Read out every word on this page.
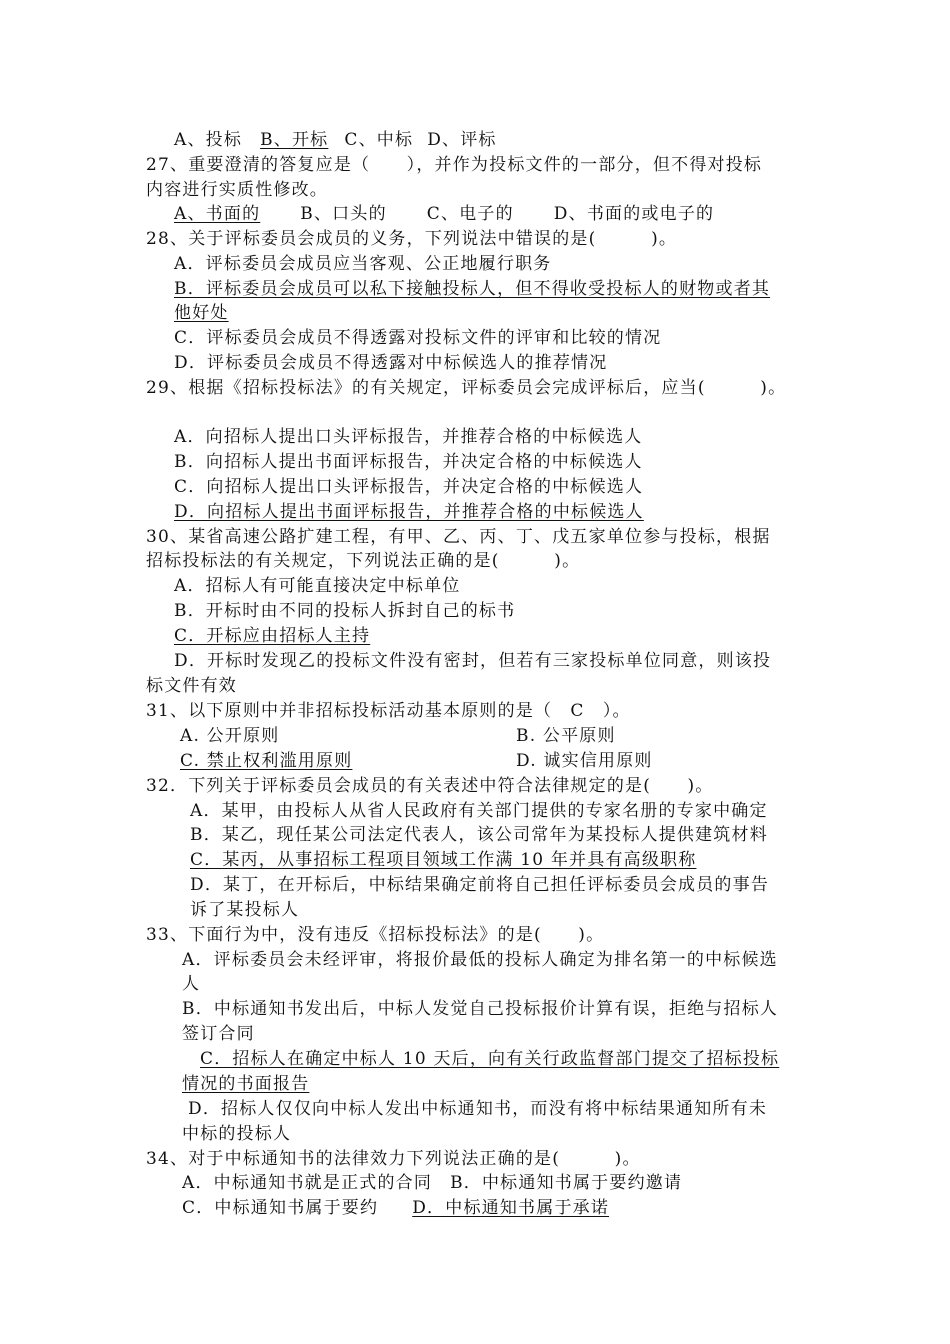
A、投标 B、开标 C、中标 D、评标
27、重要澄清的答复应是（　　），并作为投标文件的一部分，但不得对投标
内容进行实质性修改。
A、书面的 B、口头的 C、电子的 D、书面的或电子的
28、关于评标委员会成员的义务，下列说法中错误的是(　　　)。
A．评标委员会成员应当客观、公正地履行职务
B．评标委员会成员可以私下接触投标人，但不得收受投标人的财物或者其
他好处
C．评标委员会成员不得透露对投标文件的评审和比较的情况
D．评标委员会成员不得透露对中标候选人的推荐情况
29、根据《招标投标法》的有关规定，评标委员会完成评标后，应当(　　　)。
A．向招标人提出口头评标报告，并推荐合格的中标候选人
B．向招标人提出书面评标报告，并决定合格的中标候选人
C．向招标人提出口头评标报告，并决定合格的中标候选人
D．向招标人提出书面评标报告，并推荐合格的中标候选人
30、某省高速公路扩建工程，有甲、乙、丙、丁、戊五家单位参与投标，根据
招标投标法的有关规定，下列说法正确的是(　　　)。
A．招标人有可能直接决定中标单位
B．开标时由不同的投标人拆封自己的标书
C．开标应由招标人主持
D．开标时发现乙的投标文件没有密封，但若有三家投标单位同意，则该投
标文件有效
31、以下原则中并非招标投标活动基本原则的是（　C　）。
A. 公开原则	B. 公平原则
C. 禁止权利滥用原则	D. 诚实信用原则
32．下列关于评标委员会成员的有关表述中符合法律规定的是(　　)。
A．某甲，由投标人从省人民政府有关部门提供的专家名册的专家中确定
B．某乙，现任某公司法定代表人，该公司常年为某投标人提供建筑材料
C．某丙，从事招标工程项目领域工作满 10 年并具有高级职称
D．某丁，在开标后，中标结果确定前将自己担任评标委员会成员的事告
诉了某投标人
33、下面行为中，没有违反《招标投标法》的是(　　)。
A．评标委员会未经评审，将报价最低的投标人确定为排名第一的中标候选
人
B．中标通知书发出后，中标人发觉自己投标报价计算有误，拒绝与招标人
签订合同
C．招标人在确定中标人 10 天后，向有关行政监督部门提交了招标投标
情况的书面报告
D．招标人仅仅向中标人发出中标通知书，而没有将中标结果通知所有未
中标的投标人
34、对于中标通知书的法律效力下列说法正确的是(　　　)。
A．中标通知书就是正式的合同 B．中标通知书属于要约邀请
C．中标通知书属于要约 D．中标通知书属于承诺
